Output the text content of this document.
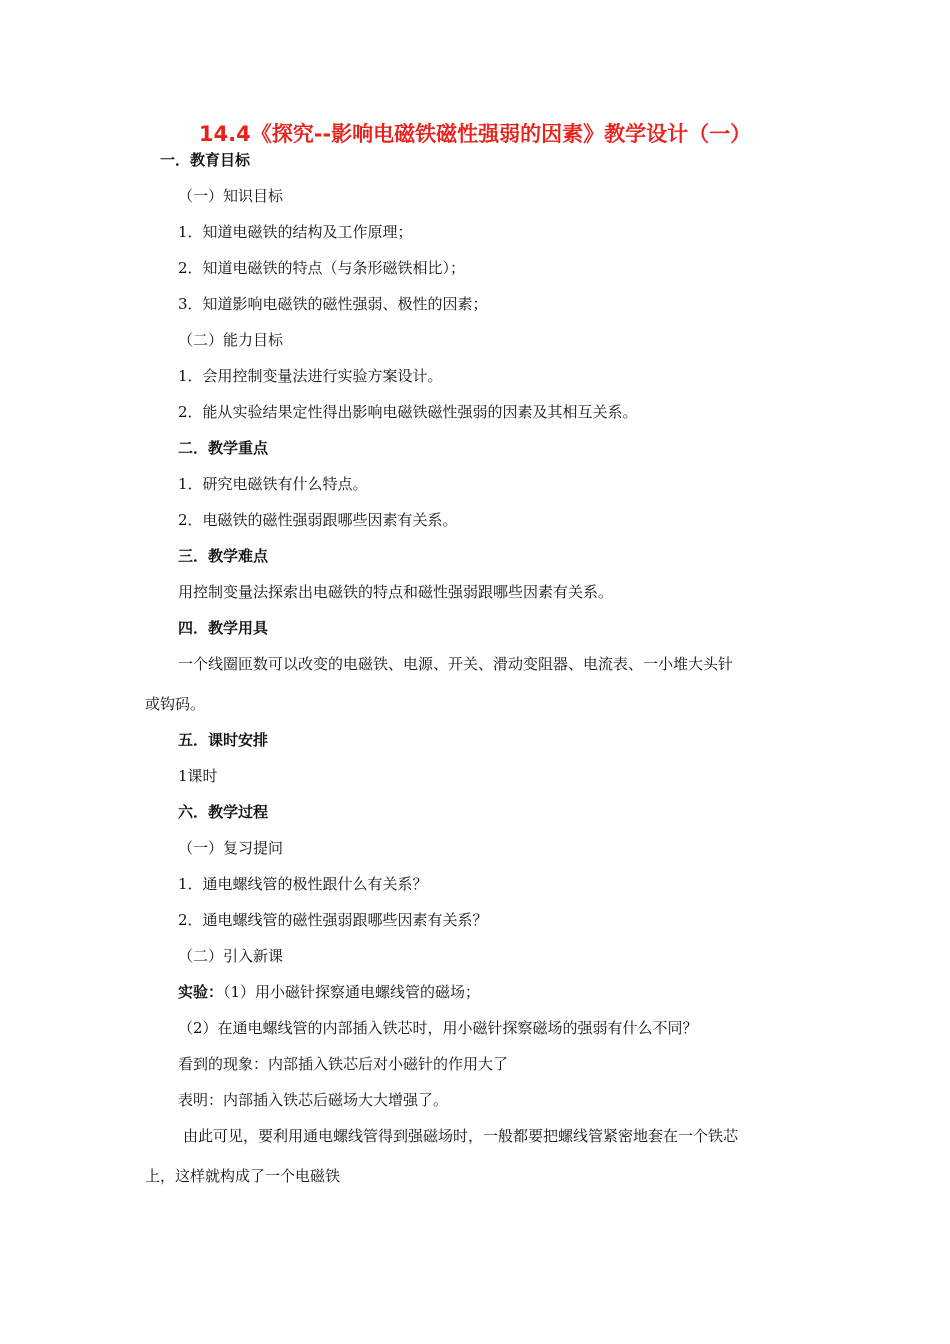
14.4《探究--影响电磁铁磁性强弱的因素》教学设计（一）
一．教育目标
（一）知识目标
1．知道电磁铁的结构及工作原理；
2．知道电磁铁的特点（与条形磁铁相比）；
3．知道影响电磁铁的磁性强弱、极性的因素；
（二）能力目标
1．会用控制变量法进行实验方案设计。
2．能从实验结果定性得出影响电磁铁磁性强弱的因素及其相互关系。
二．教学重点
1．研究电磁铁有什么特点。
2．电磁铁的磁性强弱跟哪些因素有关系。
三．教学难点
用控制变量法探索出电磁铁的特点和磁性强弱跟哪些因素有关系。
四．教学用具
一个线圈匝数可以改变的电磁铁、电源、开关、滑动变阻器、电流表、一小堆大头针
或钩码。
五．课时安排
1课时
六．教学过程
（一）复习提问
1．通电螺线管的极性跟什么有关系？
2．通电螺线管的磁性强弱跟哪些因素有关系？
（二）引入新课
实验：（1）用小磁针探察通电螺线管的磁场；
（2）在通电螺线管的内部插入铁芯时，用小磁针探察磁场的强弱有什么不同？
看到的现象：内部插入铁芯后对小磁针的作用大了
表明：内部插入铁芯后磁场大大增强了。
由此可见，要利用通电螺线管得到强磁场时，一般都要把螺线管紧密地套在一个铁芯
上，这样就构成了一个电磁铁
